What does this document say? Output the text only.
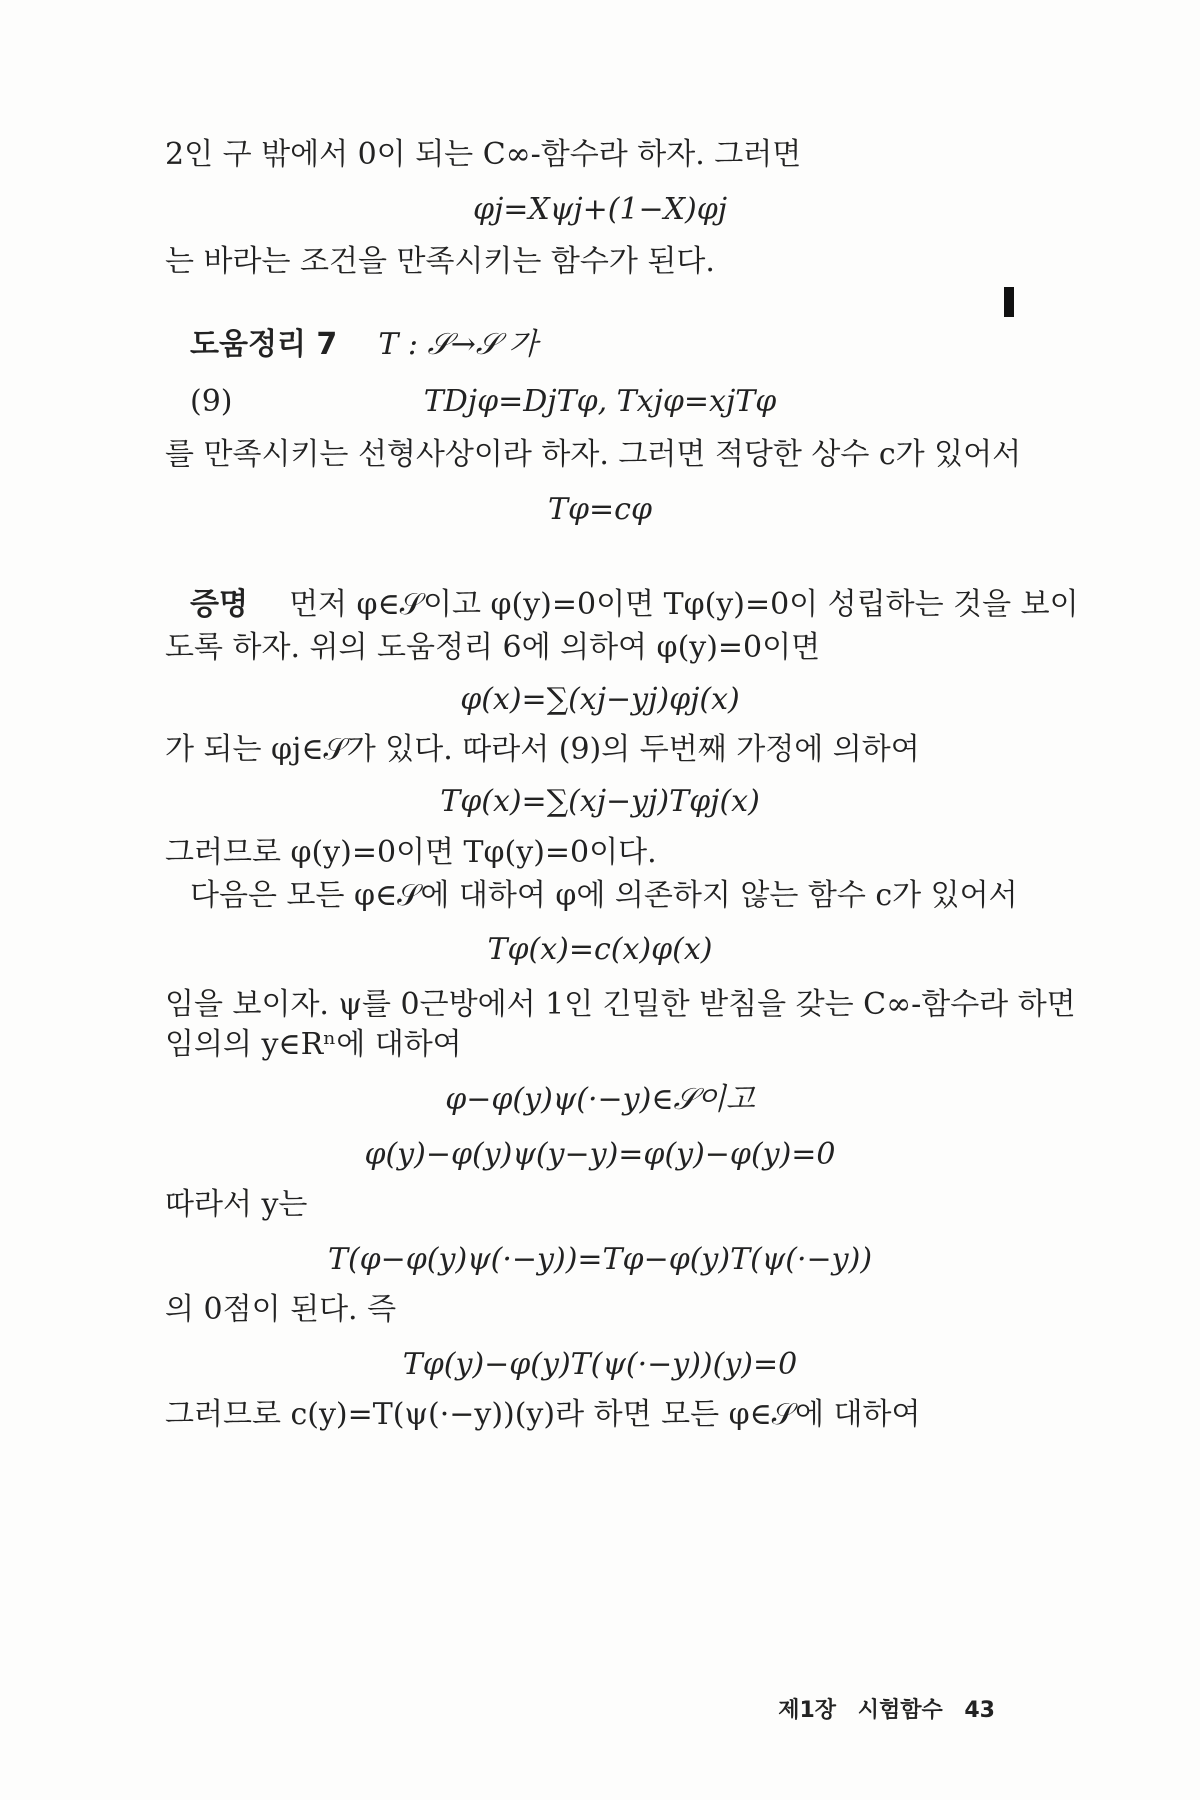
2인 구 밖에서 0이 되는 C∞-함수라 하자. 그러면
φj=Χψj+(1−Χ)φj
는 바라는 조건을 만족시키는 함수가 된다.
도움정리 7 T : 𝒮→𝒮 가
(9)	TDjφ=DjTφ, Txjφ=xjTφ
를 만족시키는 선형사상이라 하자. 그러면 적당한 상수 c가 있어서
Tφ=cφ
증명 먼저 φ∈𝒮이고 φ(y)=0이면 Tφ(y)=0이 성립하는 것을 보이
도록 하자. 위의 도움정리 6에 의하여 φ(y)=0이면
φ(x)=∑(xj−yj)φj(x)
가 되는 φj∈𝒮가 있다. 따라서 (9)의 두번째 가정에 의하여
Tφ(x)=∑(xj−yj)Tφj(x)
그러므로 φ(y)=0이면 Tφ(y)=0이다.
다음은 모든 φ∈𝒮에 대하여 φ에 의존하지 않는 함수 c가 있어서
Tφ(x)=c(x)φ(x)
임을 보이자. ψ를 0근방에서 1인 긴밀한 받침을 갖는 C∞-함수라 하면
임의의 y∈Rⁿ에 대하여
φ−φ(y)ψ(·−y)∈𝒮이고
φ(y)−φ(y)ψ(y−y)=φ(y)−φ(y)=0
따라서 y는
T(φ−φ(y)ψ(·−y))=Tφ−φ(y)T(ψ(·−y))
의 0점이 된다. 즉
Tφ(y)−φ(y)T(ψ(·−y))(y)=0
그러므로 c(y)=T(ψ(·−y))(y)라 하면 모든 φ∈𝒮에 대하여
제1장 시험함수 43
